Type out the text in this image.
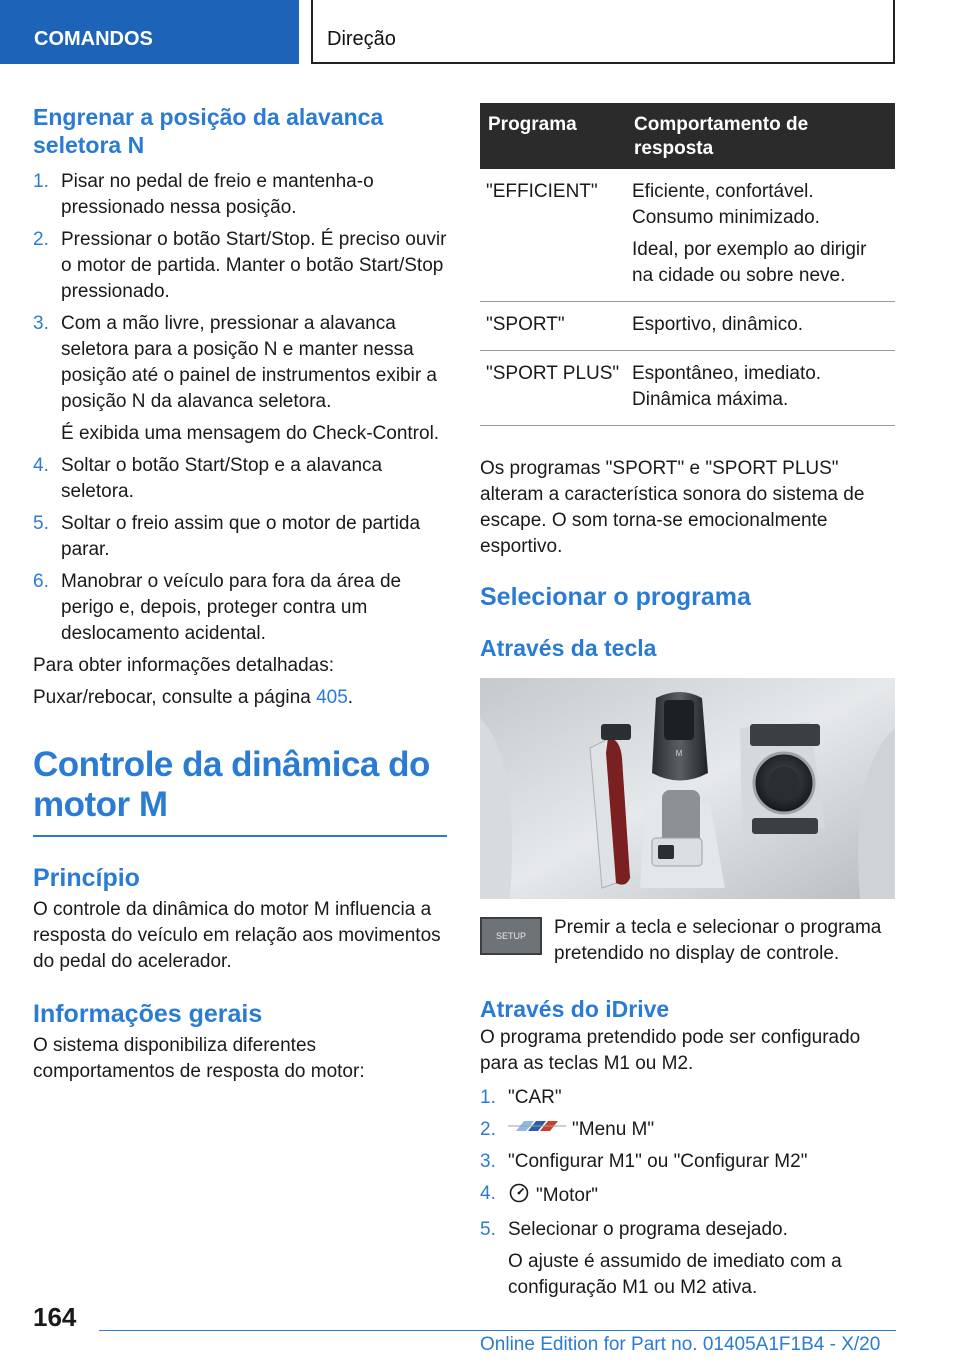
COMANDOS	Direção
Engrenar a posição da alavanca seletora N
1. Pisar no pedal de freio e mantenha-o pressionado nessa posição.
2. Pressionar o botão Start/Stop. É preciso ouvir o motor de partida. Manter o botão Start/Stop pressionado.
3. Com a mão livre, pressionar a alavanca seletora para a posição N e manter nessa posição até o painel de instrumentos exibir a posição N da alavanca seletora.
É exibida uma mensagem do Check-Control.
4. Soltar o botão Start/Stop e a alavanca seletora.
5. Soltar o freio assim que o motor de partida parar.
6. Manobrar o veículo para fora da área de perigo e, depois, proteger contra um deslocamento acidental.

Para obter informações detalhadas:

Puxar/rebocar, consulte a página 405.

Controle da dinâmica do motor M
Princípio

O controle da dinâmica do motor M influencia a resposta do veículo em relação aos movimentos do pedal do acelerador.

Informações gerais

O sistema disponibiliza diferentes comportamentos de resposta do motor:

Programa	Comportamento de resposta
"EFFICIENT"	Eficiente, confortável. Consumo minimizado.
Ideal, por exemplo ao dirigir na cidade ou sobre neve.

"SPORT"	Esportivo, dinâmico.
"SPORT PLUS"	Espontâneo, imediato. Dinâmica máxima.

Os programas "SPORT" e "SPORT PLUS" alteram a característica sonora do sistema de escape. O som torna-se emocionalmente esportivo.

Selecionar o programa
Através da tecla
M
SETUP	Premir a tecla e selecionar o programa pretendido no display de controle.

Através do iDrive

O programa pretendido pode ser configurado para as teclas M1 ou M2.

1. "CAR"
2.	"Menu M"
3. "Configurar M1" ou "Configurar M2"
4. "Motor"
5. Selecionar o programa desejado.
O ajuste é assumido de imediato com a configuração M1 ou M2 ativa.
164
Online Edition for Part no. 01405A1F1B4 - X/20
